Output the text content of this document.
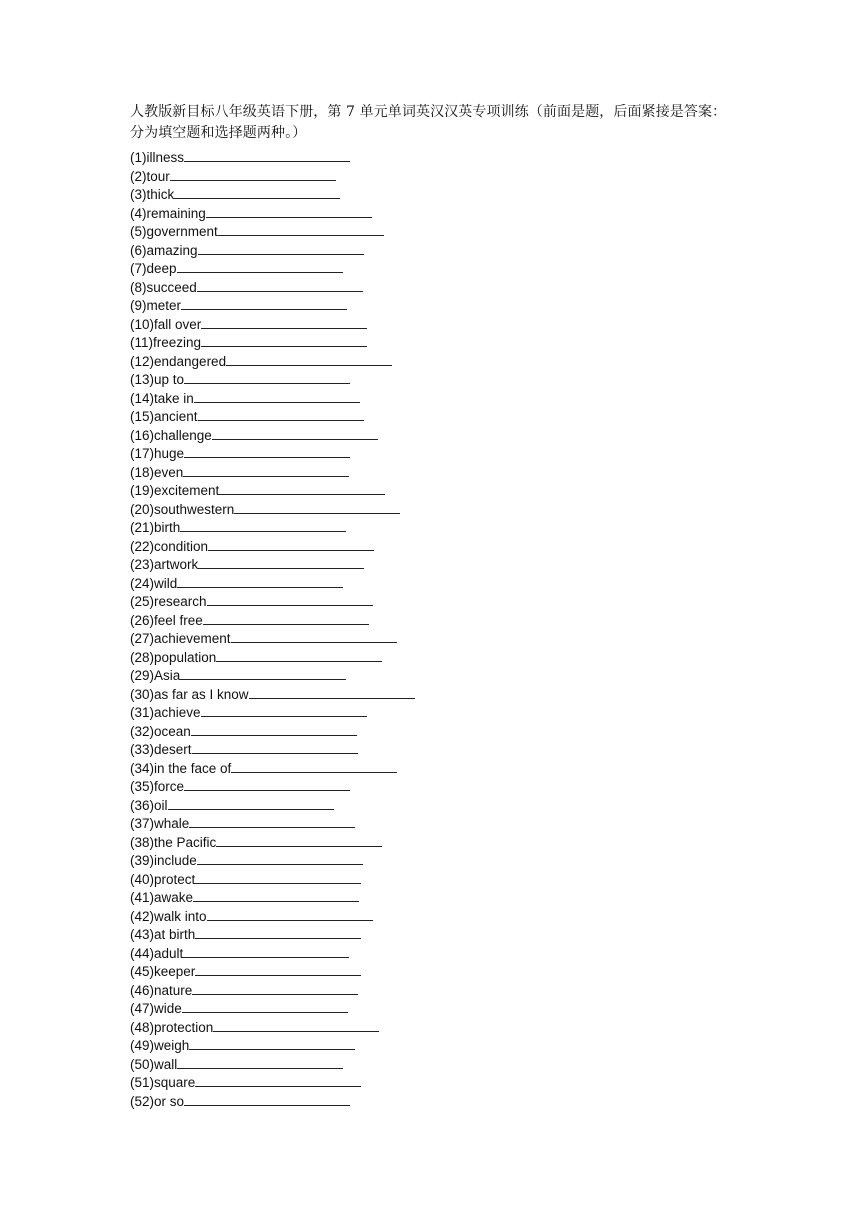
人教版新目标八年级英语下册，第 7 单元单词英汉汉英专项训练（前面是题，后面紧接是答案：分为填空题和选择题两种。）
(1)illness
(2)tour
(3)thick
(4)remaining
(5)government
(6)amazing
(7)deep
(8)succeed
(9)meter
(10)fall over
(11)freezing
(12)endangered
(13)up to
(14)take in
(15)ancient
(16)challenge
(17)huge
(18)even
(19)excitement
(20)southwestern
(21)birth
(22)condition
(23)artwork
(24)wild
(25)research
(26)feel free
(27)achievement
(28)population
(29)Asia
(30)as far as I know
(31)achieve
(32)ocean
(33)desert
(34)in the face of
(35)force
(36)oil
(37)whale
(38)the Pacific
(39)include
(40)protect
(41)awake
(42)walk into
(43)at birth
(44)adult
(45)keeper
(46)nature
(47)wide
(48)protection
(49)weigh
(50)wall
(51)square
(52)or so
